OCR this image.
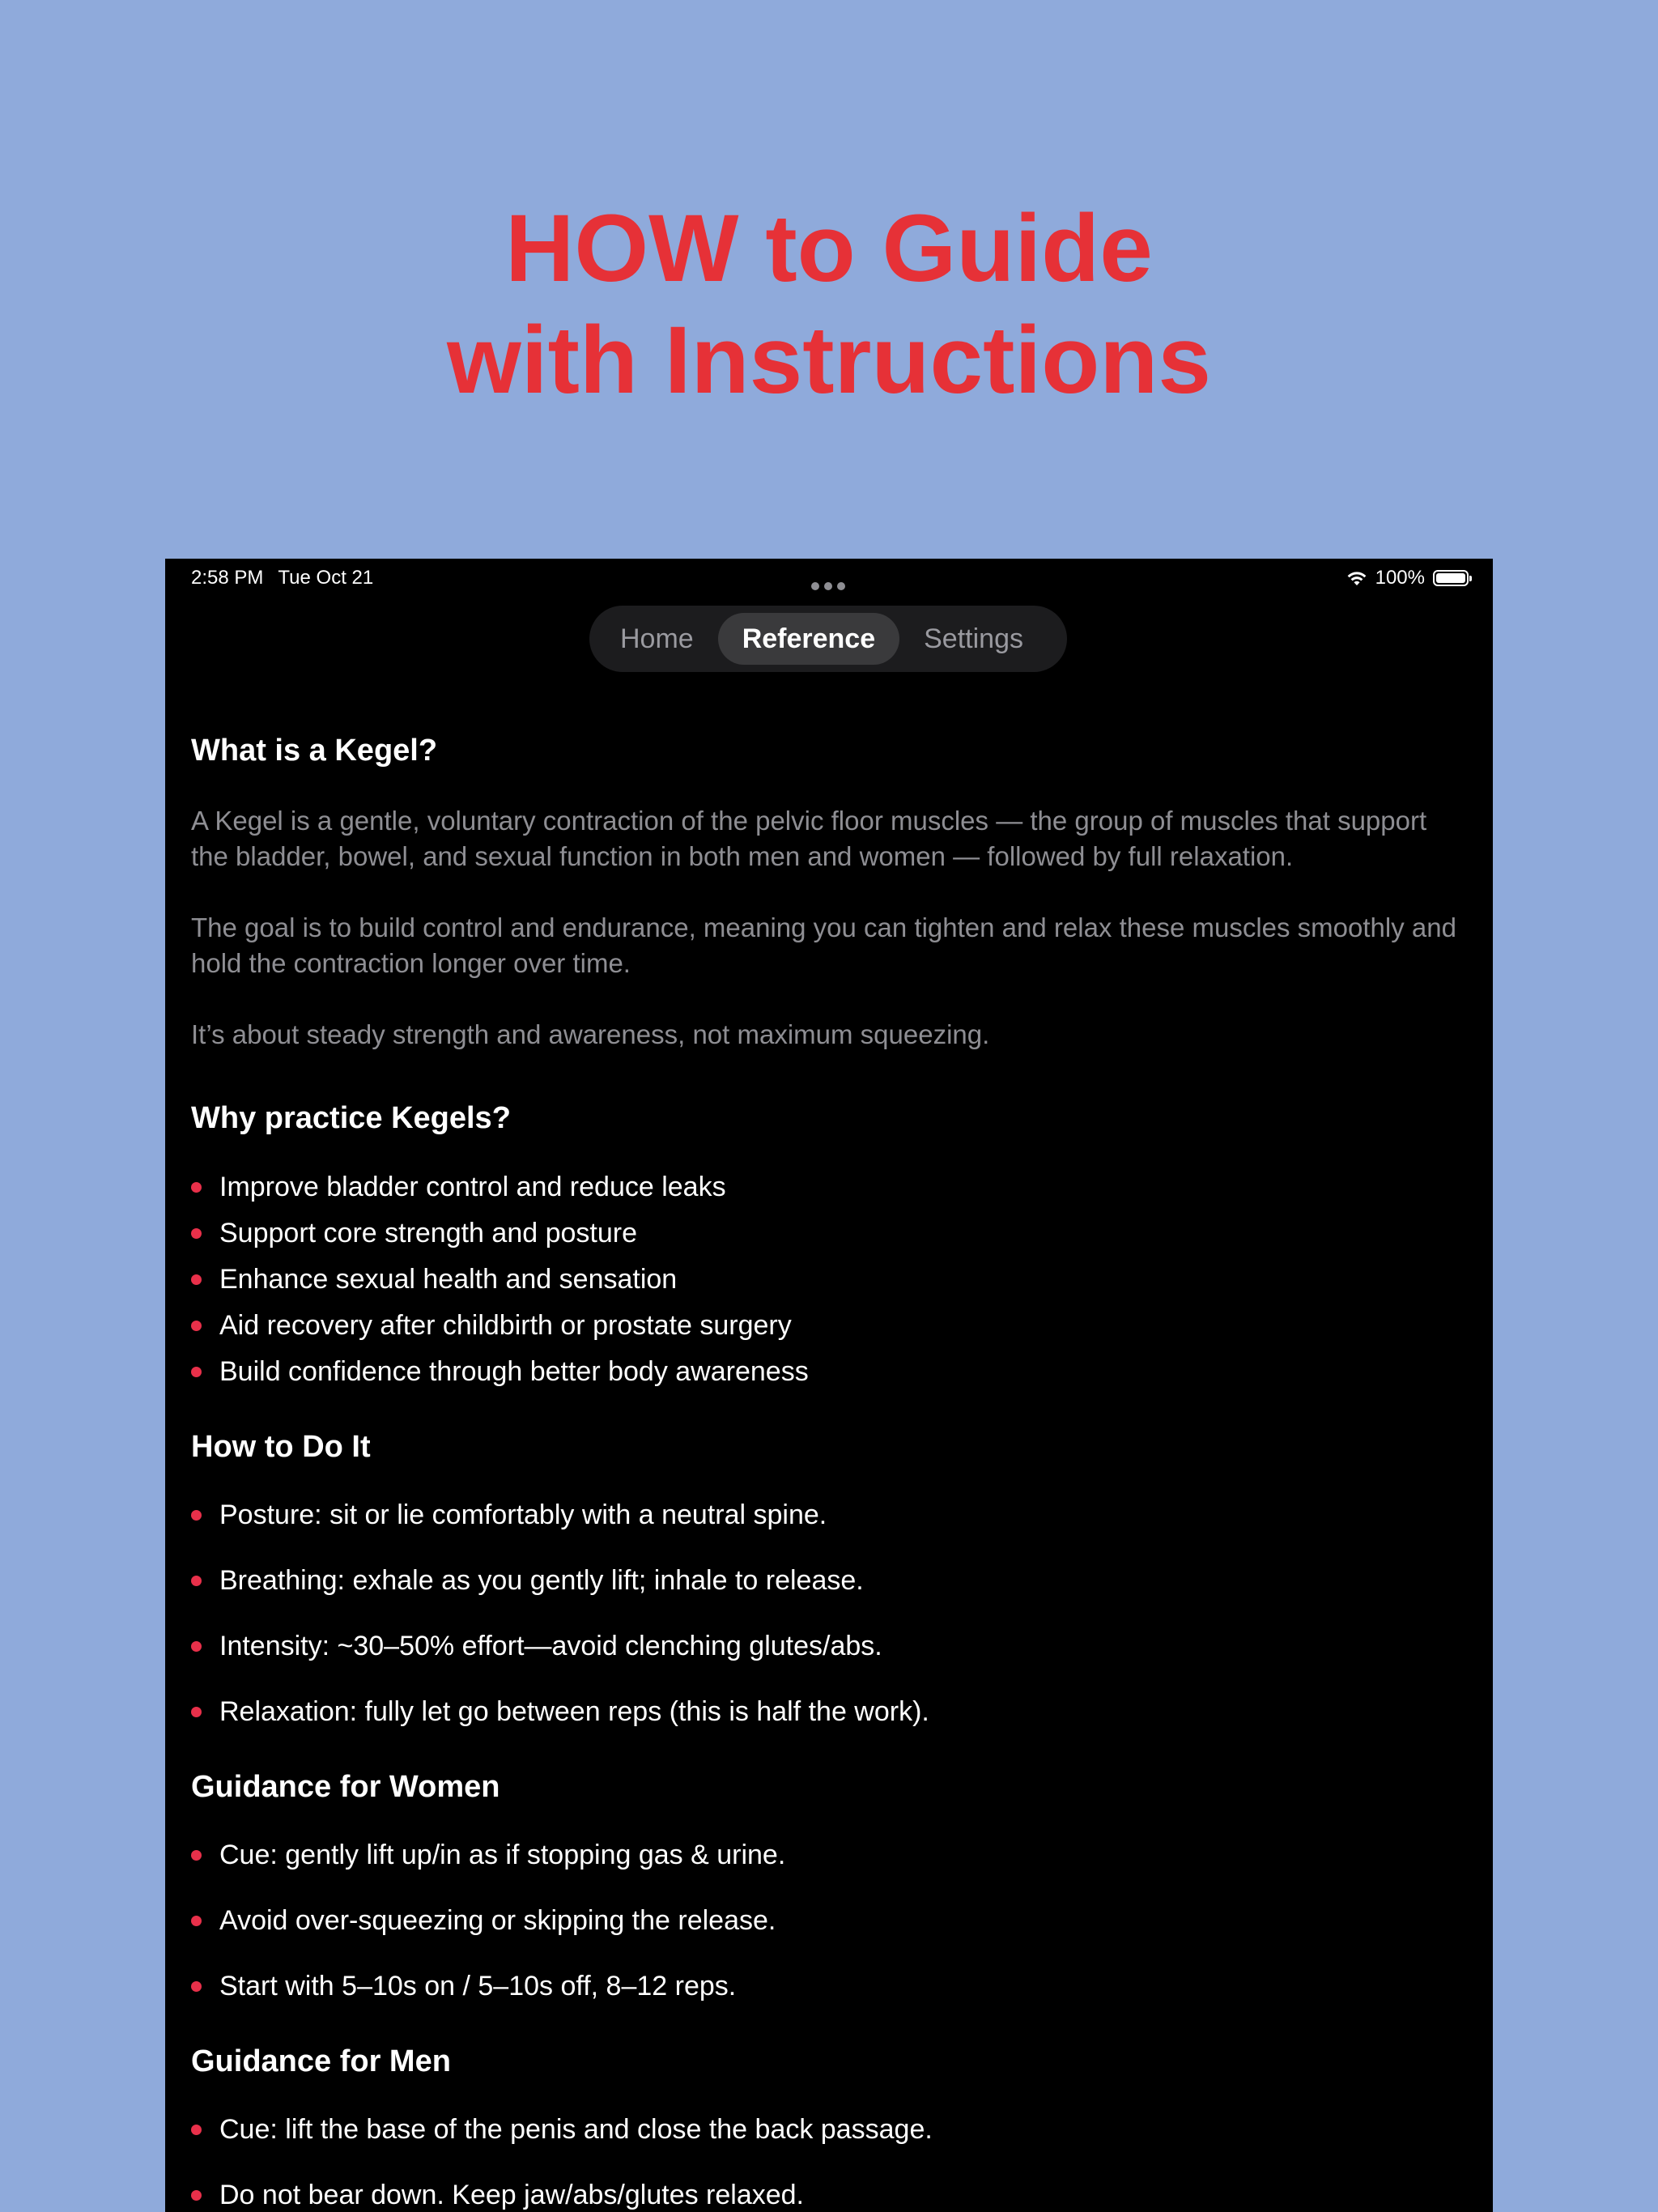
HOW to Guide
with Instructions
2:58 PM Tue Oct 21	100%
Home	Reference	Settings
What is a Kegel?
A Kegel is a gentle, voluntary contraction of the pelvic floor muscles — the group of muscles that support the bladder, bowel, and sexual function in both men and women — followed by full relaxation.
The goal is to build control and endurance, meaning you can tighten and relax these muscles smoothly and hold the contraction longer over time.
It’s about steady strength and awareness, not maximum squeezing.
Why practice Kegels?
Improve bladder control and reduce leaks
Support core strength and posture
Enhance sexual health and sensation
Aid recovery after childbirth or prostate surgery
Build confidence through better body awareness
How to Do It
Posture: sit or lie comfortably with a neutral spine.
Breathing: exhale as you gently lift; inhale to release.
Intensity: ~30–50% effort—avoid clenching glutes/abs.
Relaxation: fully let go between reps (this is half the work).
Guidance for Women
Cue: gently lift up/in as if stopping gas & urine.
Avoid over-squeezing or skipping the release.
Start with 5–10s on / 5–10s off, 8–12 reps.
Guidance for Men
Cue: lift the base of the penis and close the back passage.
Do not bear down. Keep jaw/abs/glutes relaxed.
